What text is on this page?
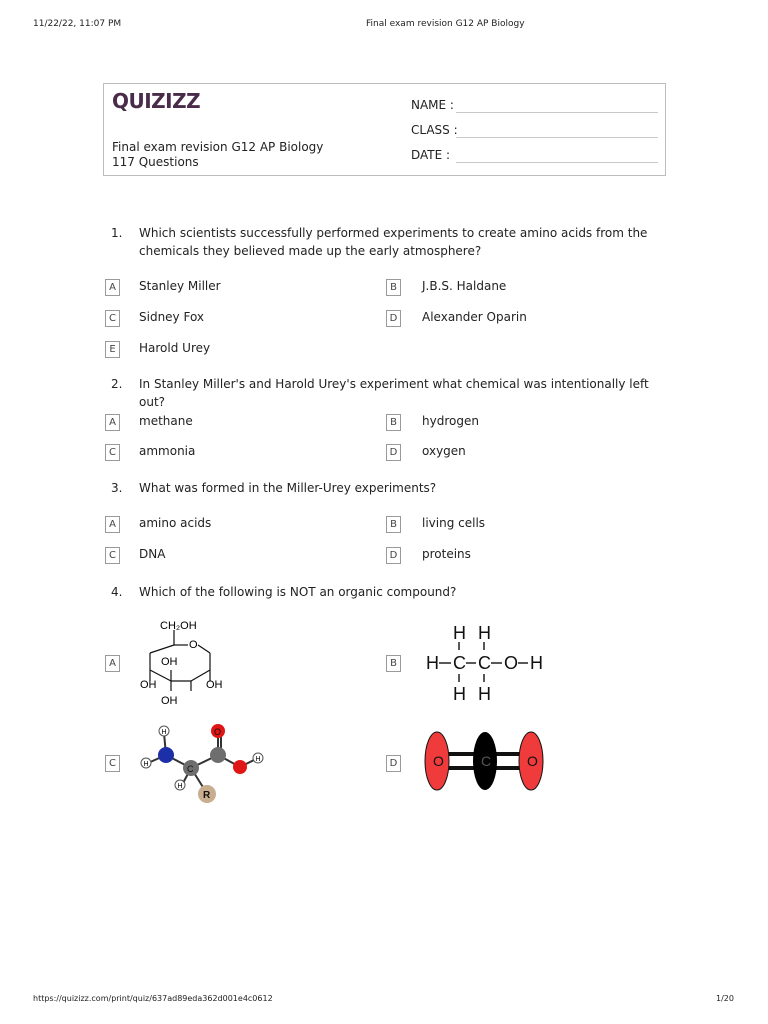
11/22/22, 11:07 PM	Final exam revision G12 AP Biology
QUIZIZZ
Final exam revision G12 AP Biology
117 Questions
NAME :
CLASS :
DATE :
1. Which scientists successfully performed experiments to create amino acids from the chemicals they believed made up the early atmosphere?
A	Stanley Miller	B	J.B.S. Haldane
C	Sidney Fox	D	Alexander Oparin
E	Harold Urey
2. In Stanley Miller's and Harold Urey's experiment what chemical was intentionally left out?
A	methane	B	hydrogen
C	ammonia	D	oxygen
3. What was formed in the Miller-Urey experiments?
A	amino acids	B	living cells
C	DNA	D	proteins
4. Which of the following is NOT an organic compound?
A
CH₂OH
O
OH
OH	OH
OH
B
H H
H C C O H
H H
C
H
H	C
O
H
H
R
D	O	C	O
https://quizizz.com/print/quiz/637ad89eda362d001e4c0612	1/20
